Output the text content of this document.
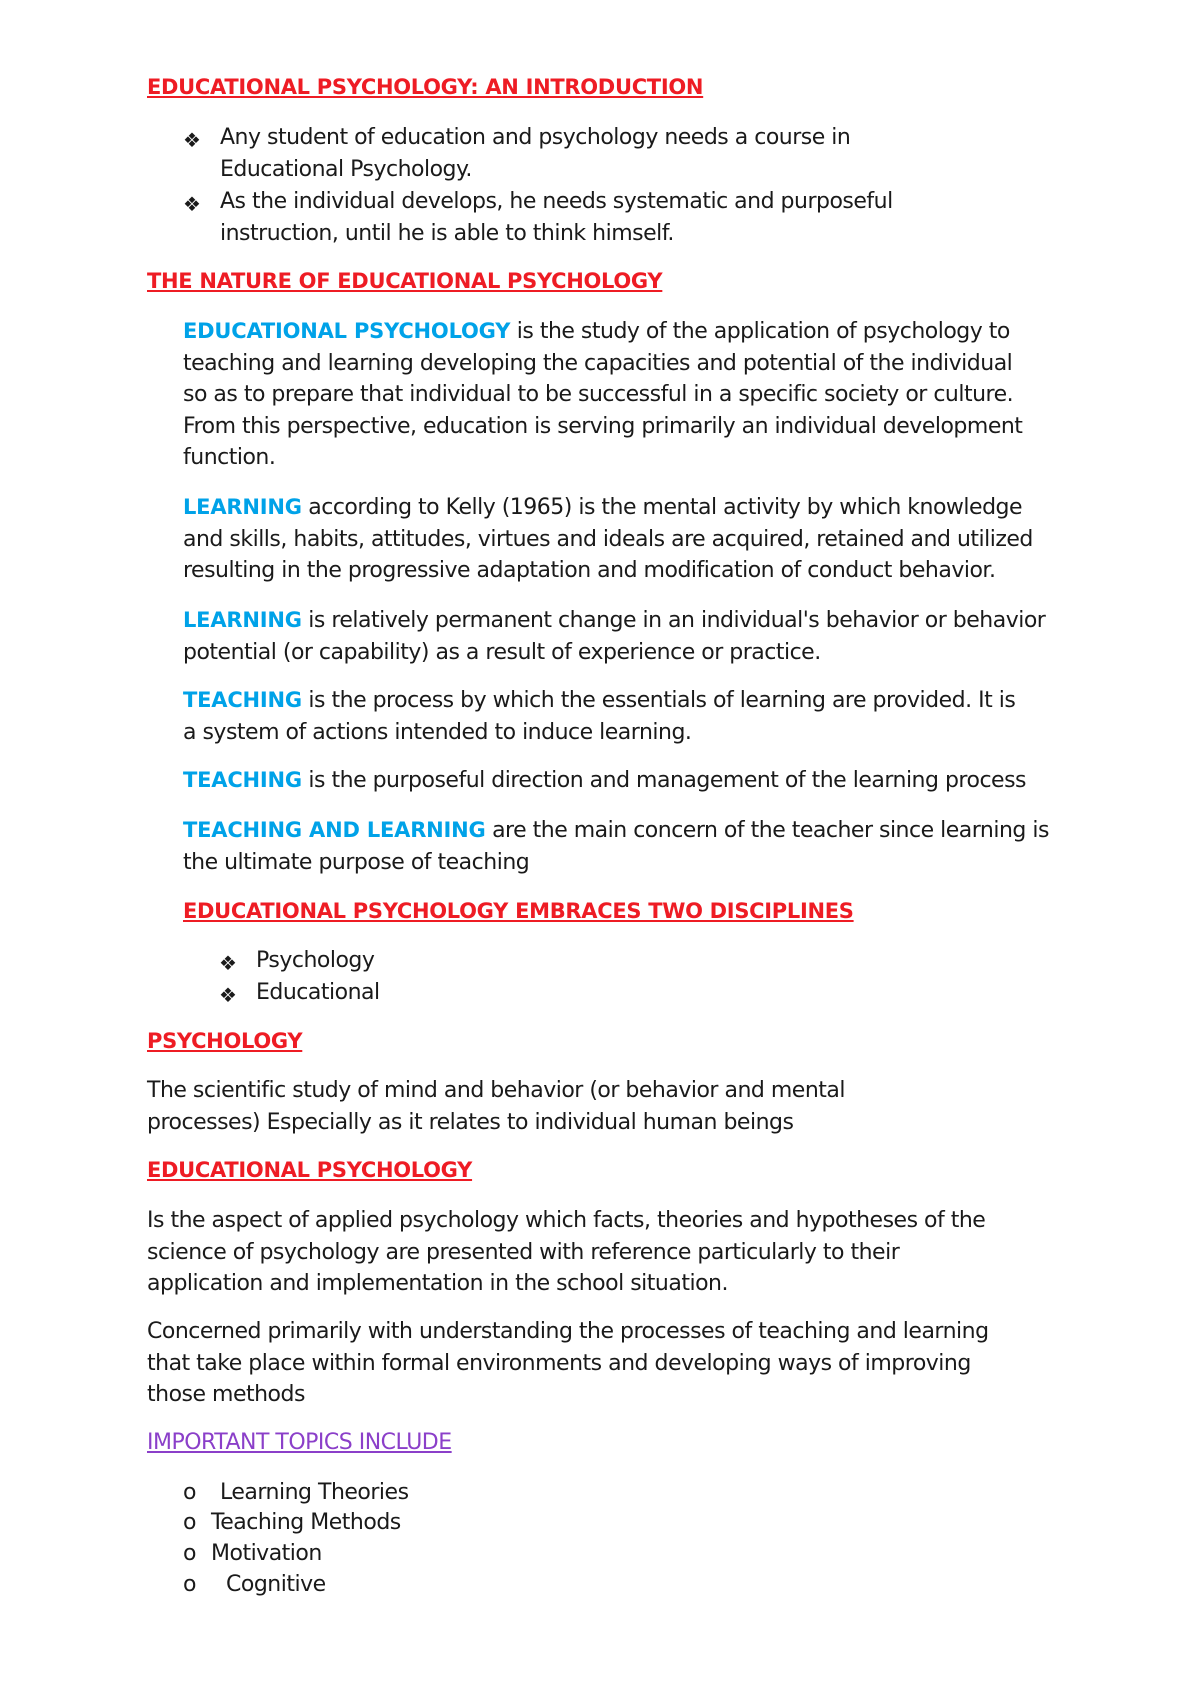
EDUCATIONAL PSYCHOLOGY: AN INTRODUCTION
❖ Any student of education and psychology needs a course in
Educational Psychology.
❖ As the individual develops, he needs systematic and purposeful
instruction, until he is able to think himself.
THE NATURE OF EDUCATIONAL PSYCHOLOGY
EDUCATIONAL PSYCHOLOGY is the study of the application of psychology to
teaching and learning developing the capacities and potential of the individual
so as to prepare that individual to be successful in a specific society or culture.
From this perspective, education is serving primarily an individual development
function.
LEARNING according to Kelly (1965) is the mental activity by which knowledge
and skills, habits, attitudes, virtues and ideals are acquired, retained and utilized
resulting in the progressive adaptation and modification of conduct behavior.
LEARNING is relatively permanent change in an individual's behavior or behavior
potential (or capability) as a result of experience or practice.
TEACHING is the process by which the essentials of learning are provided. It is
a system of actions intended to induce learning.
TEACHING is the purposeful direction and management of the learning process
TEACHING AND LEARNING are the main concern of the teacher since learning is
the ultimate purpose of teaching
EDUCATIONAL PSYCHOLOGY EMBRACES TWO DISCIPLINES
❖ Psychology
❖ Educational
PSYCHOLOGY
The scientific study of mind and behavior (or behavior and mental
processes) Especially as it relates to individual human beings
EDUCATIONAL PSYCHOLOGY
Is the aspect of applied psychology which facts, theories and hypotheses of the
science of psychology are presented with reference particularly to their
application and implementation in the school situation.
Concerned primarily with understanding the processes of teaching and learning
that take place within formal environments and developing ways of improving
those methods
IMPORTANT TOPICS INCLUDE
o Learning Theories
o Teaching Methods
o Motivation
o Cognitive
